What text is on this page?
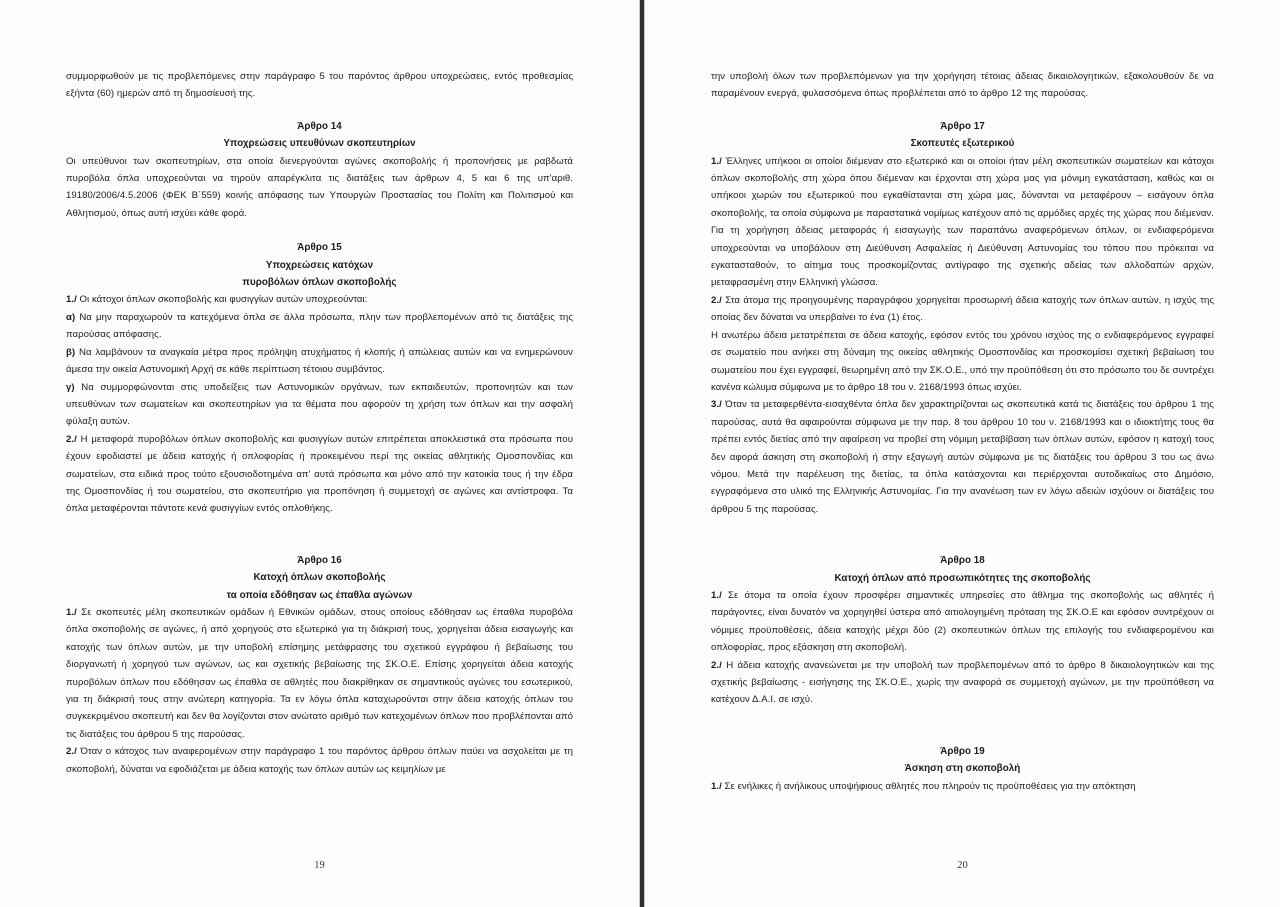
συμμορφωθούν με τις προβλεπόμενες στην παράγραφο 5 του παρόντος άρθρου υποχρεώσεις, εντός προθεσμίας εξήντα (60) ημερών από τη δημοσίευσή της.

Άρθρο 14

Υποχρεώσεις υπευθύνων σκοπευτηρίων

Οι υπεύθυνοι των σκοπευτηρίων, στα οποία διενεργούνται αγώνες σκοποβολής ή προπονήσεις με ραβδωτά πυροβόλα όπλα υποχρεούνται να τηρούν απαρέγκλιτα τις διατάξεις των άρθρων 4, 5 και 6 της υπ'αριθ. 19180/2006/4.5.2006 (ΦΕΚ Β΄559) κοινής απόφασης των Υπουργών Προστασίας του Πολίτη και Πολιτισμού και Αθλητισμού, όπως αυτή ισχύει κάθε φορά.

Άρθρο 15

Υποχρεώσεις κατόχων

πυροβόλων όπλων σκοποβολής

1./ Οι κάτοχοι όπλων σκοποβολής και φυσιγγίων αυτών υποχρεούνται:

α) Να μην παραχωρούν τα κατεχόμενα όπλα σε άλλα πρόσωπα, πλην των προβλεπομένων από τις διατάξεις της παρούσας απόφασης.

β) Να λαμβάνουν τα αναγκαία μέτρα προς πρόληψη ατυχήματος ή κλοπής ή απώλειας αυτών και να ενημερώνουν άμεσα την οικεία Αστυνομική Αρχή σε κάθε περίπτωση τέτοιου συμβάντος.

γ) Να συμμορφώνονται στις υποδείξεις των Αστυνομικών οργάνων, των εκπαιδευτών, προπονητών και των υπευθύνων των σωματείων και σκοπευτηρίων για τα θέματα που αφορούν τη χρήση των όπλων και την ασφαλή φύλαξη αυτών.

2./ Η μεταφορά πυροβόλων όπλων σκοποβολής και φυσιγγίων αυτών επιτρέπεται αποκλειστικά στα πρόσωπα που έχουν εφοδιαστεί με άδεια κατοχής ή οπλοφορίας ή προκειμένου περί της οικείας αθλητικής Ομοσπονδίας και σωματείων, στα ειδικά προς τούτο εξουσιοδοτημένα απ' αυτά πρόσωπα και μόνο από την κατοικία τους ή την έδρα της Ομοσπονδίας ή του σωματείου, στο σκοπευτήριο για προπόνηση ή συμμετοχή σε αγώνες και αντίστροφα. Τα όπλα μεταφέρονται πάντοτε κενά φυσιγγίων εντός οπλοθήκης.

Άρθρο 16

Κατοχή όπλων σκοποβολής

τα οποία εδόθησαν ως έπαθλα αγώνων

1./ Σε σκοπευτές μέλη σκοπευτικών ομάδων ή Εθνικών ομάδων, στους οποίους εδόθησαν ως έπαθλα πυροβόλα όπλα σκοποβολής σε αγώνες, ή από χορηγούς στο εξωτερικό για τη διάκρισή τους, χορηγείται άδεια εισαγωγής και κατοχής των όπλων αυτών, με την υποβολή επίσημης μετάφρασης του σχετικού εγγράφου ή βεβαίωσης του διοργανωτή ή χορηγού των αγώνων, ως και σχετικής βεβαίωσης της ΣΚ.Ο.Ε. Επίσης χορηγείται άδεια κατοχής πυροβόλων όπλων που εδόθησαν ως έπαθλα σε αθλητές που διακρίθηκαν σε σημαντικούς αγώνες του εσωτερικού, για τη διάκρισή τους στην ανώτερη κατηγορία. Τα εν λόγω όπλα καταχωρούνται στην άδεια κατοχής όπλων του συγκεκριμένου σκοπευτή και δεν θα λογίζονται στον ανώτατο αριθμό των κατεχομένων όπλων που προβλέπονται από τις διατάξεις του άρθρου 5 της παρούσας.

2./ Όταν ο κάτοχος των αναφερομένων στην παράγραφο 1 του παρόντος άρθρου όπλων παύει να ασχολείται με τη σκοποβολή, δύναται να εφοδιάζεται με άδεια κατοχής των όπλων αυτών ως κειμηλίων με

19

την υποβολή όλων των προβλεπόμενων για την χορήγηση τέτοιας άδειας δικαιολογητικών, εξακολουθούν δε να παραμένουν ενεργά, φυλασσόμενα όπως προβλέπεται από το άρθρο 12 της παρούσας.

Άρθρο 17

Σκοπευτές εξωτερικού

1./ Έλληνες υπήκοοι οι οποίοι διέμεναν στο εξωτερικό και οι οποίοι ήταν μέλη σκοπευτικών σωματείων και κάτοχοι όπλων σκοποβολής στη χώρα όπου διέμεναν και έρχονται στη χώρα μας για μόνιμη εγκατάσταση, καθώς και οι υπήκοοι χωρών του εξωτερικού που εγκαθίστανται στη χώρα μας, δύνανται να μεταφέρουν – εισάγουν όπλα σκοποβολής, τα οποία σύμφωνα με παραστατικά νομίμως κατέχουν από τις αρμόδιες αρχές της χώρας που διέμεναν.

Για τη χορήγηση άδειας μεταφοράς ή εισαγωγής των παραπάνω αναφερόμενων όπλων, οι ενδιαφερόμενοι υποχρεούνται να υποβάλουν στη Διεύθυνση Ασφαλείας ή Διεύθυνση Αστυνομίας του τόπου που πρόκειται να εγκατασταθούν, το αίτημα τους προσκομίζοντας αντίγραφο της σχετικής αδείας των αλλοδαπών αρχών, μεταφρασμένη στην Ελληνική γλώσσα.

2./ Στα άτομα της προηγουμένης παραγράφου χορηγείται προσωρινή άδεια κατοχής των όπλων αυτών, η ισχύς της οποίας δεν δύναται να υπερβαίνει το ένα (1) έτος.

Η ανωτέρω άδεια μετατρέπεται σε άδεια κατοχής, εφόσον εντός του χρόνου ισχύος της ο ενδιαφερόμενος εγγραφεί σε σωματείο που ανήκει στη δύναμη της οικείας αθλητικής Ομοσπονδίας και προσκομίσει σχετική βεβαίωση του σωματείου που έχει εγγραφεί, θεωρημένη από την ΣΚ.Ο.Ε., υπό την προϋπόθεση ότι στο πρόσωπο του δε συντρέχει κανένα κώλυμα σύμφωνα με το άρθρο 18 του ν. 2168/1993 όπως ισχύει.

3./ Όταν τα μεταφερθέντα-εισαχθέντα όπλα δεν χαρακτηρίζονται ως σκοπευτικά κατά τις διατάξεις του άρθρου 1 της παρούσας, αυτά θα αφαιρούνται σύμφωνα με την παρ. 8 του άρθρου 10 του ν. 2168/1993 και ο ιδιοκτήτης τους θα πρέπει εντός διετίας από την αφαίρεση να προβεί στη νόμιμη μεταβίβαση των όπλων αυτών, εφόσον η κατοχή τους δεν αφορά άσκηση στη σκοποβολή ή στην εξαγωγή αυτών σύμφωνα με τις διατάξεις του άρθρου 3 του ως άνω νόμου. Μετά την παρέλευση της διετίας, τα όπλα κατάσχονται και περιέρχονται αυτοδικαίως στο Δημόσιο, εγγραφόμενα στο υλικό της Ελληνικής Αστυνομίας. Για την ανανέωση των εν λόγω αδειών ισχύουν οι διατάξεις του άρθρου 5 της παρούσας.

Άρθρο 18

Κατοχή όπλων από προσωπικότητες της σκοποβολής

1./ Σε άτομα τα οποία έχουν προσφέρει σημαντικές υπηρεσίες στο άθλημα της σκοποβολής ως αθλητές ή παράγοντες, είναι δυνατόν να χορηγηθεί ύστερα από αιτιολογημένη πρόταση της ΣΚ.Ο.Ε και εφόσον συντρέχουν οι νόμιμες προϋποθέσεις, άδεια κατοχής μέχρι δύο (2) σκοπευτικών όπλων της επιλογής του ενδιαφερομένου και οπλοφορίας, προς εξάσκηση στη σκοποβολή.

2./ Η άδεια κατοχής ανανεώνεται με την υποβολή των προβλεπομένων από το άρθρο 8 δικαιολογητικών και της σχετικής βεβαίωσης - εισήγησης της ΣΚ.Ο.Ε., χωρίς την αναφορά σε συμμετοχή αγώνων, με την προϋπόθεση να κατέχουν Δ.Α.Ι. σε ισχύ.

Άρθρο 19

Άσκηση στη σκοποβολή

1./ Σε ενήλικες ή ανήλικους υποψήφιους αθλητές που πληρούν τις προϋποθέσεις για την απόκτηση

20
